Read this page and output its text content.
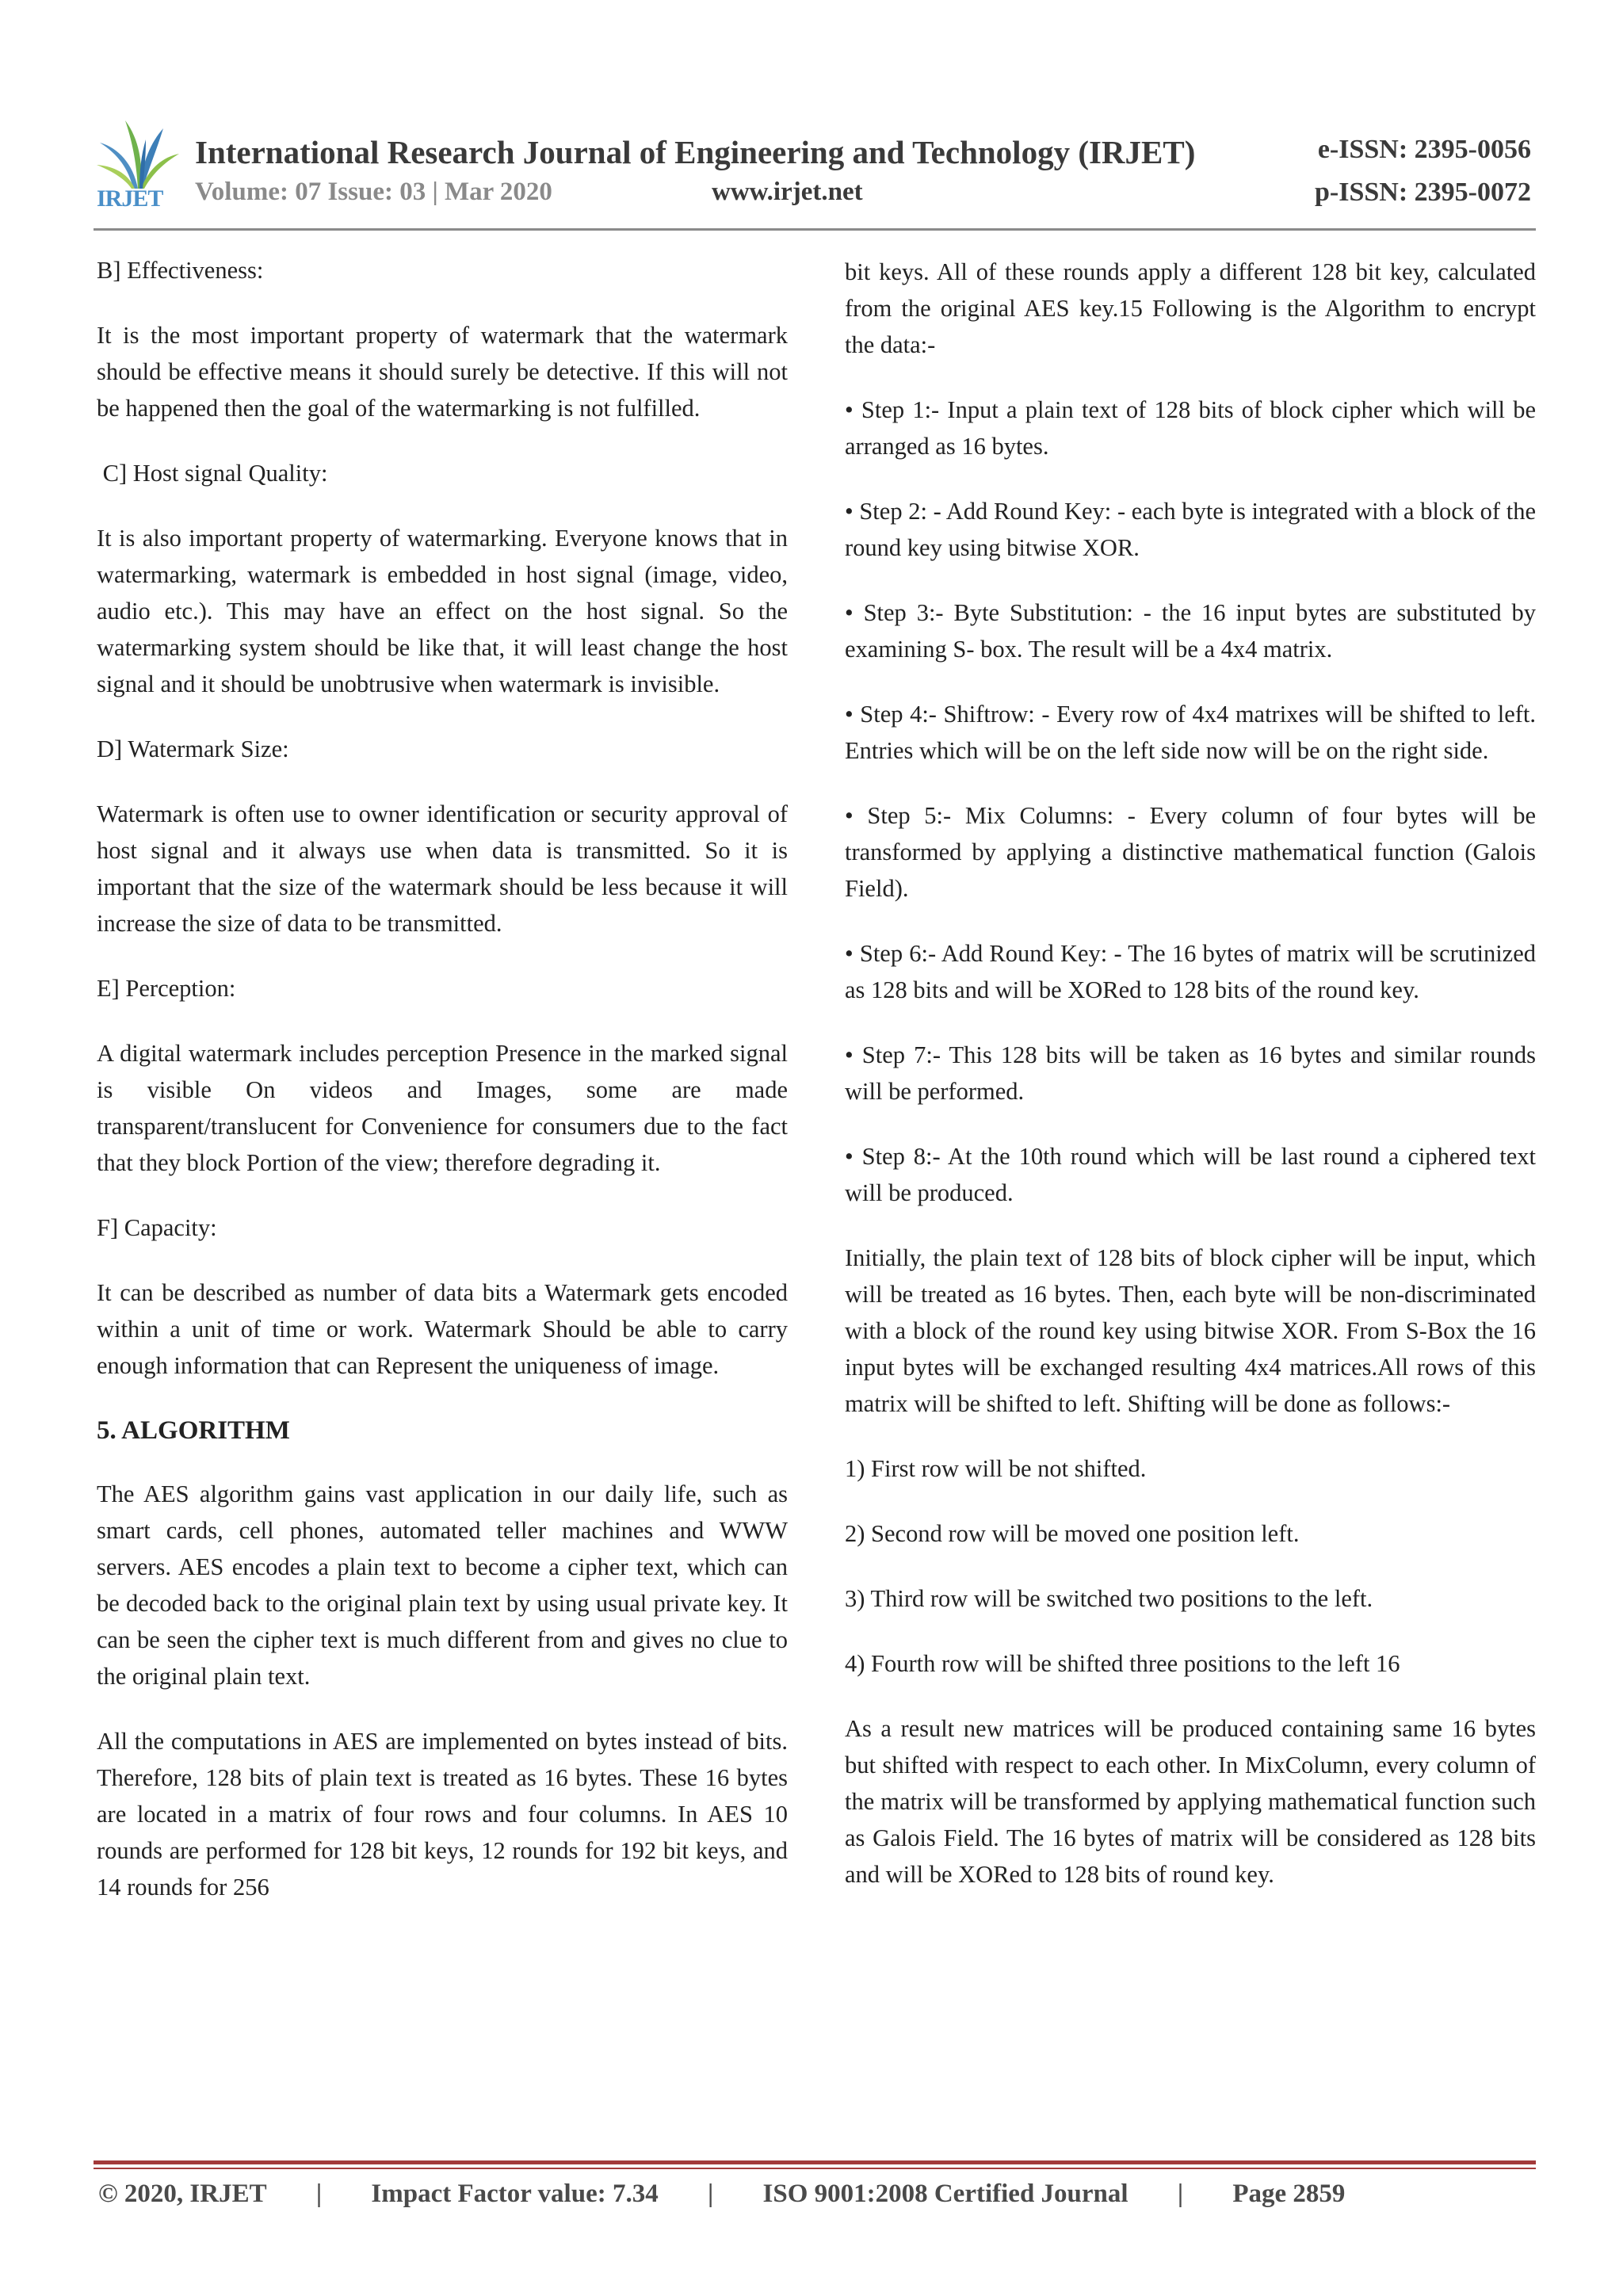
IRJET
International Research Journal of Engineering and Technology (IRJET)	e-ISSN: 2395-0056
Volume: 07 Issue: 03 | Mar 2020	www.irjet.net	p-ISSN: 2395-0072

B] Effectiveness:

It is the most important property of watermark that the watermark should be effective means it should surely be detective. If this will not be happened then the goal of the watermarking is not fulfilled.

C] Host signal Quality:

It is also important property of watermarking. Everyone knows that in watermarking, watermark is embedded in host signal (image, video, audio etc.). This may have an effect on the host signal. So the watermarking system should be like that, it will least change the host signal and it should be unobtrusive when watermark is invisible.

D] Watermark Size:

Watermark is often use to owner identification or security approval of host signal and it always use when data is transmitted. So it is important that the size of the watermark should be less because it will increase the size of data to be transmitted.

E] Perception:

A digital watermark includes perception Presence in the marked signal is visible On videos and Images, some are made transparent/translucent for Convenience for consumers due to the fact that they block Portion of the view; therefore degrading it.

F] Capacity:

It can be described as number of data bits a Watermark gets encoded within a unit of time or work. Watermark Should be able to carry enough information that can Represent the uniqueness of image.

5. ALGORITHM

The AES algorithm gains vast application in our daily life, such as smart cards, cell phones, automated teller machines and WWW servers. AES encodes a plain text to become a cipher text, which can be decoded back to the original plain text by using usual private key. It can be seen the cipher text is much different from and gives no clue to the original plain text.

All the computations in AES are implemented on bytes instead of bits. Therefore, 128 bits of plain text is treated as 16 bytes. These 16 bytes are located in a matrix of four rows and four columns. In AES 10 rounds are performed for 128 bit keys, 12 rounds for 192 bit keys, and 14 rounds for 256

bit keys. All of these rounds apply a different 128 bit key, calculated from the original AES key.15 Following is the Algorithm to encrypt the data:-

• Step 1:- Input a plain text of 128 bits of block cipher which will be arranged as 16 bytes.

• Step 2: - Add Round Key: - each byte is integrated with a block of the round key using bitwise XOR.

• Step 3:- Byte Substitution: - the 16 input bytes are substituted by examining S- box. The result will be a 4x4 matrix.

• Step 4:- Shiftrow: - Every row of 4x4 matrixes will be shifted to left. Entries which will be on the left side now will be on the right side.

• Step 5:- Mix Columns: - Every column of four bytes will be transformed by applying a distinctive mathematical function (Galois Field).

• Step 6:- Add Round Key: - The 16 bytes of matrix will be scrutinized as 128 bits and will be XORed to 128 bits of the round key.

• Step 7:- This 128 bits will be taken as 16 bytes and similar rounds will be performed.

• Step 8:- At the 10th round which will be last round a ciphered text will be produced.

Initially, the plain text of 128 bits of block cipher will be input, which will be treated as 16 bytes. Then, each byte will be non-discriminated with a block of the round key using bitwise XOR. From S-Box the 16 input bytes will be exchanged resulting 4x4 matrices.All rows of this matrix will be shifted to left. Shifting will be done as follows:-

1) First row will be not shifted.

2) Second row will be moved one position left.

3) Third row will be switched two positions to the left.

4) Fourth row will be shifted three positions to the left 16

As a result new matrices will be produced containing same 16 bytes but shifted with respect to each other. In MixColumn, every column of the matrix will be transformed by applying mathematical function such as Galois Field. The 16 bytes of matrix will be considered as 128 bits and will be XORed to 128 bits of round key.

© 2020, IRJET | Impact Factor value: 7.34 | ISO 9001:2008 Certified Journal | Page 2859
